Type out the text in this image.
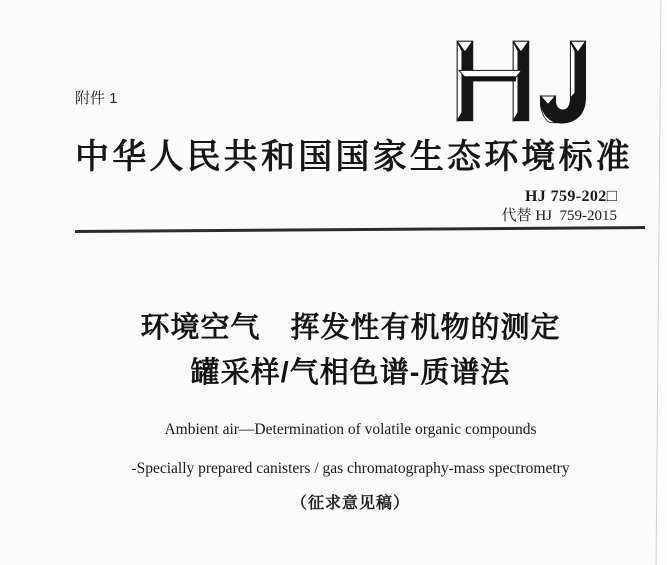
附件 1
中华人民共和国国家生态环境标准
HJ 759-202□
代替 HJ  759-2015
环境空气　挥发性有机物的测定
罐采样/气相色谱-质谱法
Ambient air—Determination of volatile organic compounds
-Specially prepared canisters / gas chromatography-mass spectrometry
（征求意见稿）
